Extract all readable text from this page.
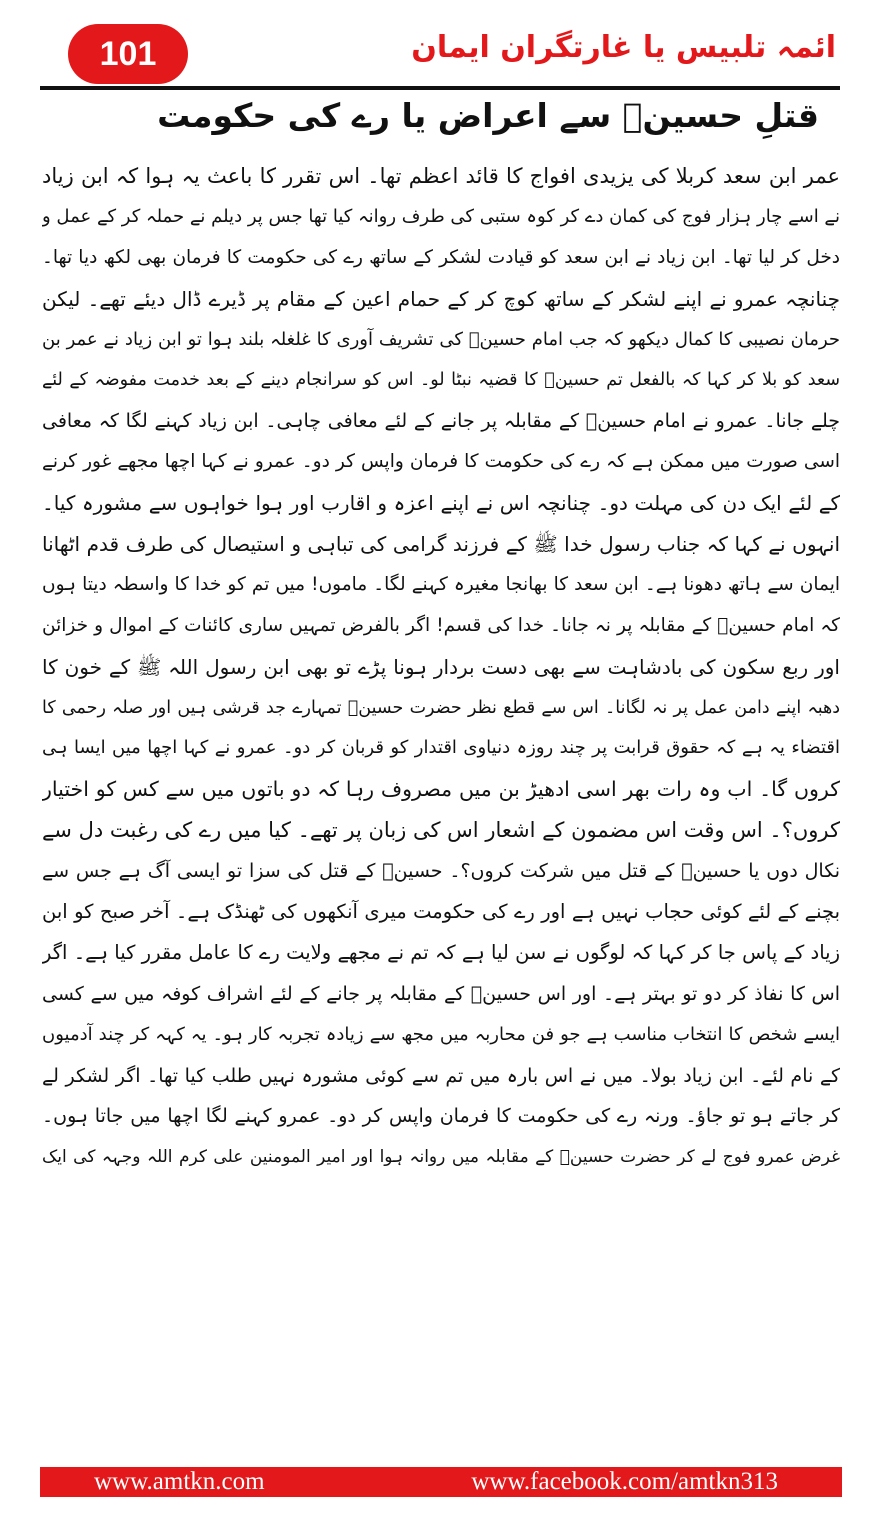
101	ائمہ تلبیس یا غارتگران ایمان
قتلِ حسینؓ سے اعراض یا رے کی حکومت
عمر ابن سعد کربلا کی یزیدی افواج کا قائد اعظم تھا۔ اس تقرر کا باعث یہ ہوا کہ ابن زیاد
نے اسے چار ہزار فوج کی کمان دے کر کوہ ستبی کی طرف روانہ کیا تھا جس پر دیلم نے حملہ کر کے عمل و
دخل کر لیا تھا۔ ابن زیاد نے ابن سعد کو قیادت لشکر کے ساتھ رے کی حکومت کا فرمان بھی لکھ دیا تھا۔
چنانچہ عمرو نے اپنے لشکر کے ساتھ کوچ کر کے حمام اعین کے مقام پر ڈیرے ڈال دیئے تھے۔ لیکن
حرمان نصیبی کا کمال دیکھو کہ جب امام حسینؓ کی تشریف آوری کا غلغلہ بلند ہوا تو ابن زیاد نے عمر بن
سعد کو بلا کر کہا کہ بالفعل تم حسینؓ کا قضیہ نبٹا لو۔ اس کو سرانجام دینے کے بعد خدمت مفوضہ کے لئے
چلے جانا۔ عمرو نے امام حسینؓ کے مقابلہ پر جانے کے لئے معافی چاہی۔ ابن زیاد کہنے لگا کہ معافی
اسی صورت میں ممکن ہے کہ رے کی حکومت کا فرمان واپس کر دو۔ عمرو نے کہا اچھا مجھے غور کرنے
کے لئے ایک دن کی مہلت دو۔ چنانچہ اس نے اپنے اعزہ و اقارب اور ہوا خواہوں سے مشورہ کیا۔
انہوں نے کہا کہ جناب رسول خدا ﷺ کے فرزند گرامی کی تباہی و استیصال کی طرف قدم اٹھانا
ایمان سے ہاتھ دھونا ہے۔ ابن سعد کا بھانجا مغیرہ کہنے لگا۔ ماموں! میں تم کو خدا کا واسطہ دیتا ہوں
کہ امام حسینؓ کے مقابلہ پر نہ جانا۔ خدا کی قسم! اگر بالفرض تمہیں ساری کائنات کے اموال و خزائن
اور ربع سکون کی بادشاہت سے بھی دست بردار ہونا پڑے تو بھی ابن رسول اللہ ﷺ کے خون کا
دھبہ اپنے دامن عمل پر نہ لگانا۔ اس سے قطع نظر حضرت حسینؓ تمہارے جد قرشی ہیں اور صلہ رحمی کا
اقتضاء یہ ہے کہ حقوق قرابت پر چند روزہ دنیاوی اقتدار کو قربان کر دو۔ عمرو نے کہا اچھا میں ایسا ہی
کروں گا۔ اب وہ رات بھر اسی ادھیڑ بن میں مصروف رہا کہ دو باتوں میں سے کس کو اختیار
کروں؟۔ اس وقت اس مضمون کے اشعار اس کی زبان پر تھے۔ کیا میں رے کی رغبت دل سے
نکال دوں یا حسینؓ کے قتل میں شرکت کروں؟۔ حسینؓ کے قتل کی سزا تو ایسی آگ ہے جس سے
بچنے کے لئے کوئی حجاب نہیں ہے اور رے کی حکومت میری آنکھوں کی ٹھنڈک ہے۔ آخر صبح کو ابن
زیاد کے پاس جا کر کہا کہ لوگوں نے سن لیا ہے کہ تم نے مجھے ولایت رے کا عامل مقرر کیا ہے۔ اگر
اس کا نفاذ کر دو تو بہتر ہے۔ اور اس حسینؓ کے مقابلہ پر جانے کے لئے اشراف کوفہ میں سے کسی
ایسے شخص کا انتخاب مناسب ہے جو فن محاربہ میں مجھ سے زیادہ تجربہ کار ہو۔ یہ کہہ کر چند آدمیوں
کے نام لئے۔ ابن زیاد بولا۔ میں نے اس بارہ میں تم سے کوئی مشورہ نہیں طلب کیا تھا۔ اگر لشکر لے
کر جاتے ہو تو جاؤ۔ ورنہ رے کی حکومت کا فرمان واپس کر دو۔ عمرو کہنے لگا اچھا میں جاتا ہوں۔
غرض عمرو فوج لے کر حضرت حسینؓ کے مقابلہ میں روانہ ہوا اور امیر المومنین علی کرم اللہ وجہہ کی ایک
www.amtkn.com	www.facebook.com/amtkn313
